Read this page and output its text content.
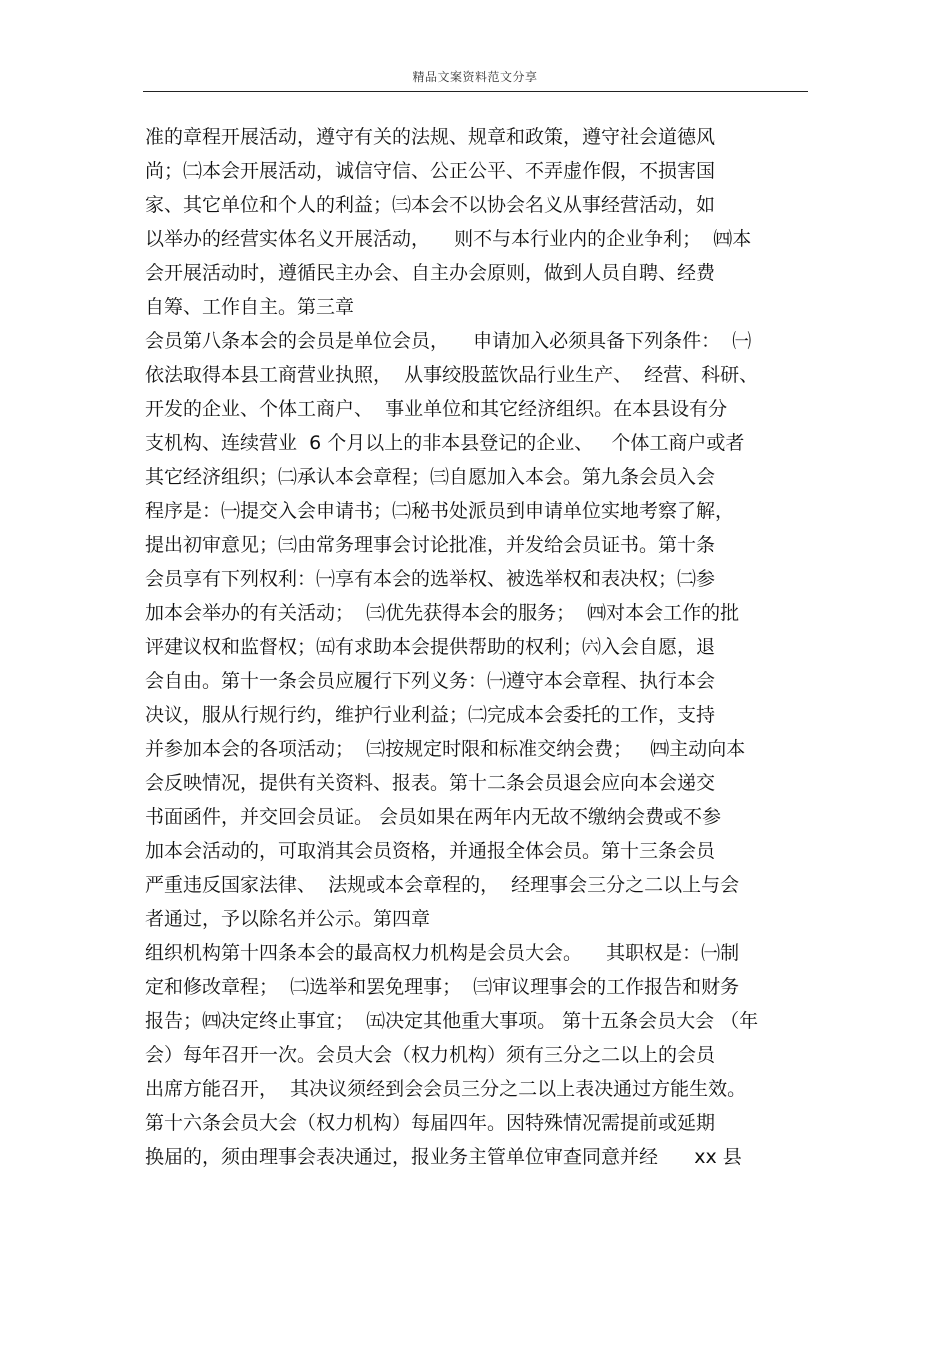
精品文案资料范文分享
准的章程开展活动，遵守有关的法规、规章和政策，遵守社会道德风
尚；㈡本会开展活动，诚信守信、公正公平、不弄虚作假，不损害国
家、其它单位和个人的利益；㈢本会不以协会名义从事经营活动，如
以举办的经营实体名义开展活动，    则不与本行业内的企业争利；  ㈣本
会开展活动时，遵循民主办会、自主办会原则，做到人员自聘、经费
自筹、工作自主。第三章
会员第八条本会的会员是单位会员，    申请加入必须具备下列条件：  ㈠
依法取得本县工商营业执照，  从事绞股蓝饮品行业生产、  经营、科研、
开发的企业、个体工商户、  事业单位和其它经济组织。在本县设有分
支机构、连续营业  6 个月以上的非本县登记的企业、   个体工商户或者
其它经济组织；㈡承认本会章程；㈢自愿加入本会。第九条会员入会
程序是：㈠提交入会申请书；㈡秘书处派员到申请单位实地考察了解，
提出初审意见；㈢由常务理事会讨论批准，并发给会员证书。第十条
会员享有下列权利：㈠享有本会的选举权、被选举权和表决权；㈡参
加本会举办的有关活动；  ㈢优先获得本会的服务；  ㈣对本会工作的批
评建议权和监督权；㈤有求助本会提供帮助的权利；㈥入会自愿，退
会自由。第十一条会员应履行下列义务：㈠遵守本会章程、执行本会
决议，服从行规行约，维护行业利益；㈡完成本会委托的工作，支持
并参加本会的各项活动；  ㈢按规定时限和标准交纳会费；   ㈣主动向本
会反映情况，提供有关资料、报表。第十二条会员退会应向本会递交
书面函件，并交回会员证。 会员如果在两年内无故不缴纳会费或不参
加本会活动的，可取消其会员资格，并通报全体会员。第十三条会员
严重违反国家法律、  法规或本会章程的，  经理事会三分之二以上与会
者通过，予以除名并公示。第四章
组织机构第十四条本会的最高权力机构是会员大会。    其职权是：㈠制
定和修改章程；  ㈡选举和罢免理事；  ㈢审议理事会的工作报告和财务
报告；㈣决定终止事宜；  ㈤决定其他重大事项。 第十五条会员大会 （年
会）每年召开一次。会员大会（权力机构）须有三分之二以上的会员
出席方能召开，  其决议须经到会会员三分之二以上表决通过方能生效。
第十六条会员大会（权力机构）每届四年。因特殊情况需提前或延期
换届的，须由理事会表决通过，报业务主管单位审查同意并经      xx 县
